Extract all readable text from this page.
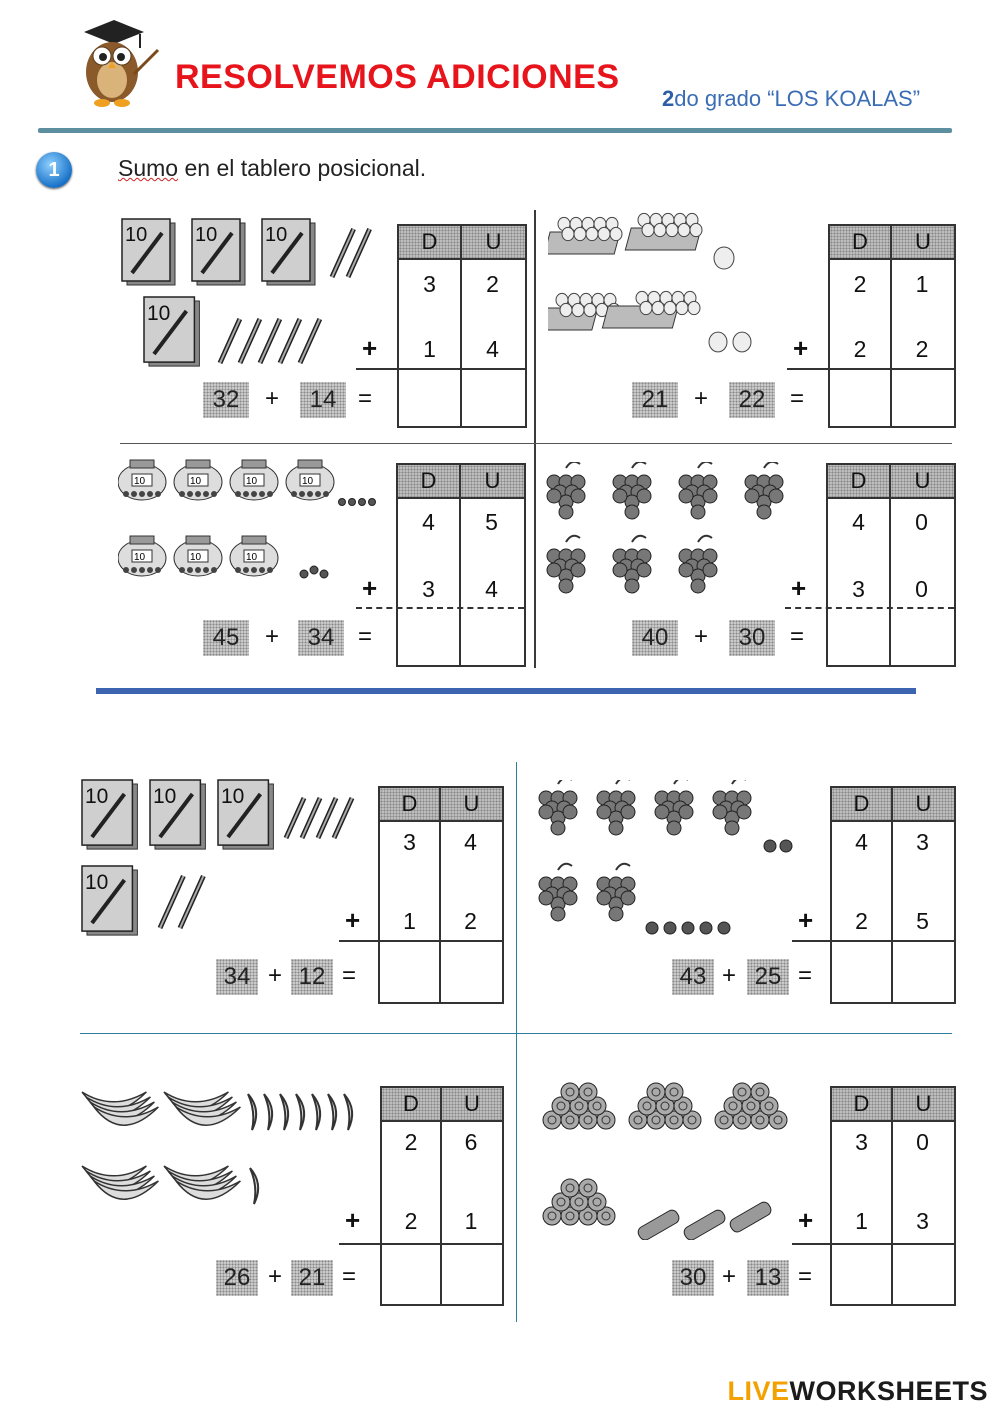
RESOLVEMOS ADICIONES
2do grado “LOS KOALAS”
1	Sumo en el tablero posicional.
10 10 10
10
10	10	10	10
10	10	10
10 10 10
10
D	U
3	2
1	4
+
32	+	14 =
D	U
2	1
2	2
+
21	+	22	=
D	U
4	5
3	4
+
45	+	34 =
D	U
4	0
3	0
+
40	+	30	=
D	U
3	4
1	2
+
34 + 12 =
D	U
4	3
2	5
+
43 + 25 =
D	U
2	6
2	1
+
26 + 21 =
D	U
3	0
1	3
+
30 + 13 =
LIVEWORKSHEETS
